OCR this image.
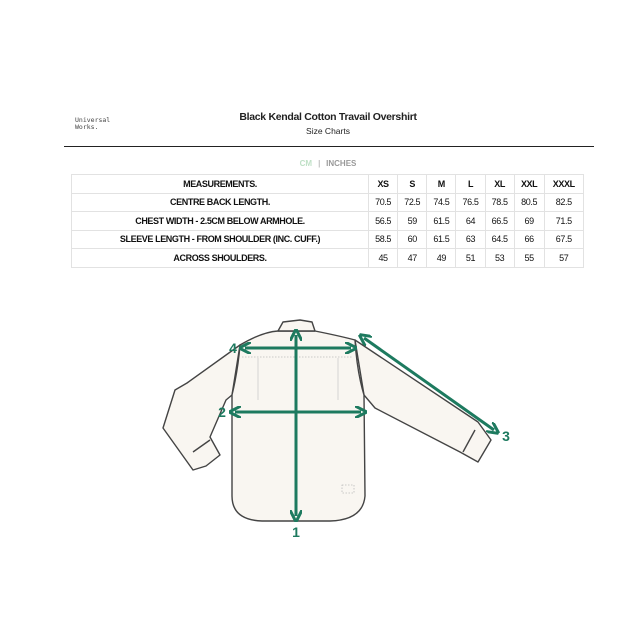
Universal
Works.
Black Kendal Cotton Travail Overshirt
Size Charts
CM | INCHES
MEASUREMENTS.	XS	S	M	L	XL	XXL	XXXL
CENTRE BACK LENGTH.	70.5	72.5	74.5	76.5	78.5	80.5	82.5
CHEST WIDTH - 2.5CM BELOW ARMHOLE.	56.5	59	61.5	64	66.5	69	71.5
SLEEVE LENGTH - FROM SHOULDER (INC. CUFF.)	58.5	60	61.5	63	64.5	66	67.5
ACROSS SHOULDERS.	45	47	49	51	53	55	57
1
2
3
4
